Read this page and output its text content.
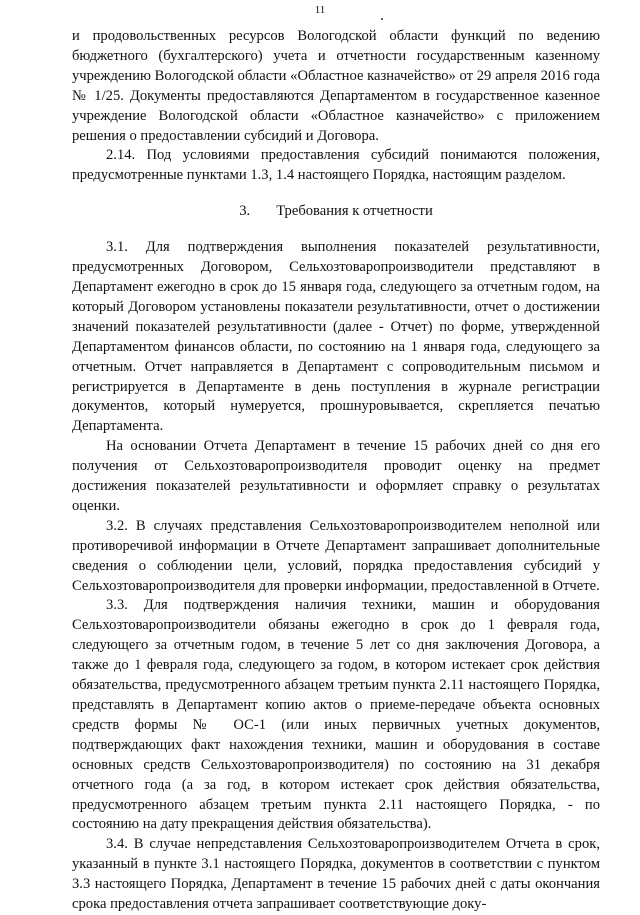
11

и продовольственных ресурсов Вологодской области функций по ведению бюджетного (бухгалтерского) учета и отчетности государственным казенному учреждению Вологодской области «Областное казначейство» от 29 апреля 2016 года № 1/25. Документы предоставляются Департаментом в государственное казенное учреждение Вологодской области «Областное казначейство» с приложением решения о предоставлении субсидий и Договора.

2.14. Под условиями предоставления субсидий понимаются положения, предусмотренные пунктами 1.3, 1.4 настоящего Порядка, настоящим разделом.

3. Требования к отчетности

3.1. Для подтверждения выполнения показателей результативности, предусмотренных Договором, Сельхозтоваропроизводители представляют в Департамент ежегодно в срок до 15 января года, следующего за отчетным годом, на который Договором установлены показатели результативности, отчет о достижении значений показателей результативности (далее - Отчет) по форме, утвержденной Департаментом финансов области, по состоянию на 1 января года, следующего за отчетным. Отчет направляется в Департамент с сопроводительным письмом и регистрируется в Департаменте в день поступления в журнале регистрации документов, который нумеруется, прошнуровывается, скрепляется печатью Департамента.

На основании Отчета Департамент в течение 15 рабочих дней со дня его получения от Сельхозтоваропроизводителя проводит оценку на предмет достижения показателей результативности и оформляет справку о результатах оценки.

3.2. В случаях представления Сельхозтоваропроизводителем неполной или противоречивой информации в Отчете Департамент запрашивает дополнительные сведения о соблюдении цели, условий, порядка предоставления субсидий у Сельхозтоваропроизводителя для проверки информации, предоставленной в Отчете.

3.3. Для подтверждения наличия техники, машин и оборудования Сельхозтоваропроизводители обязаны ежегодно в срок до 1 февраля года, следующего за отчетным годом, в течение 5 лет со дня заключения Договора, а также до 1 февраля года, следующего за годом, в котором истекает срок действия обязательства, предусмотренного абзацем третьим пункта 2.11 настоящего Порядка, представлять в Департамент копию актов о приеме-передаче объекта основных средств формы № ОС-1 (или иных первичных учетных документов, подтверждающих факт нахождения техники, машин и оборудования в составе основных средств Сельхозтоваропроизводителя) по состоянию на 31 декабря отчетного года (а за год, в котором истекает срок действия обязательства, предусмотренного абзацем третьим пункта 2.11 настоящего Порядка, - по состоянию на дату прекращения действия обязательства).

3.4. В случае непредставления Сельхозтоваропроизводителем Отчета в срок, указанный в пункте 3.1 настоящего Порядка, документов в соответствии с пунктом 3.3 настоящего Порядка, Департамент в течение 15 рабочих дней с даты окончания срока предоставления отчета запрашивает соответствующие доку-
